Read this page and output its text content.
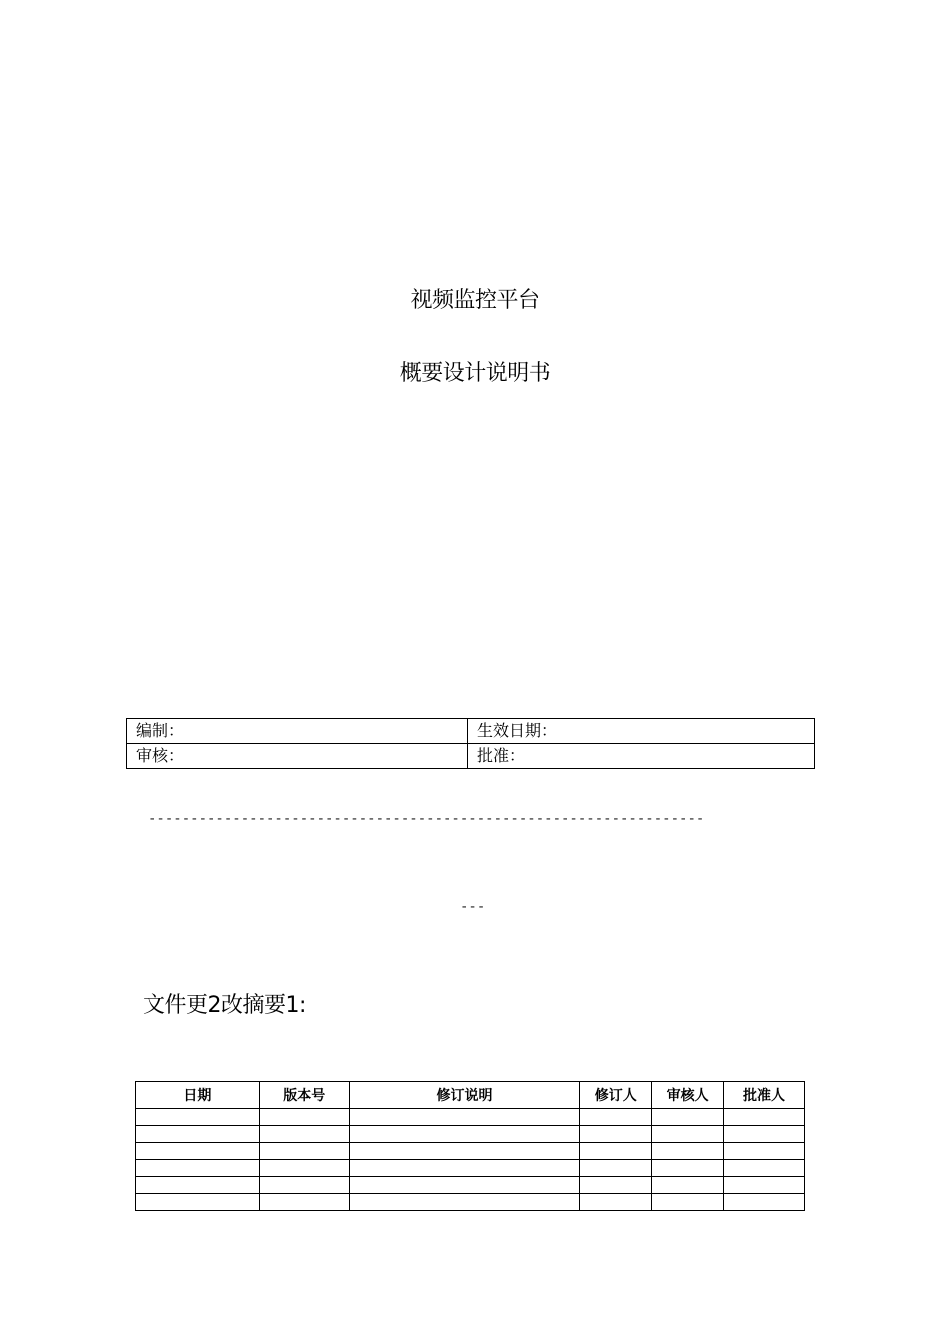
视频监控平台
概要设计说明书
编制：	生效日期：
审核：	批准：
------------------------------------------------------------------
---
文件更2改摘要1:
日期	版本号	修订说明	修订人	审核人	批准人
